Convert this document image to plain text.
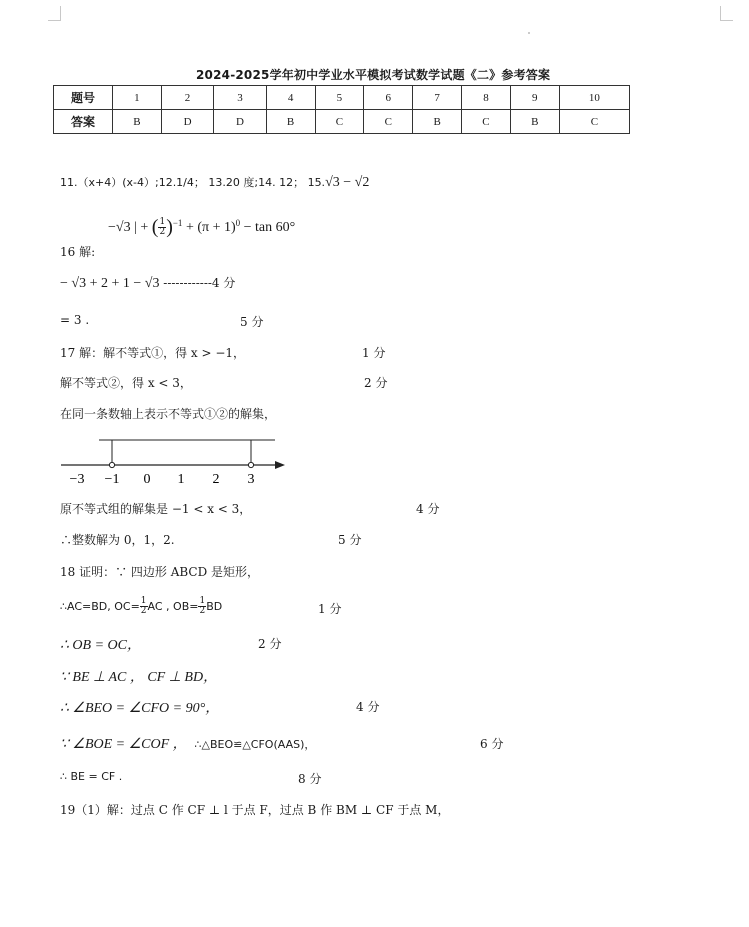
2024-2025学年初中学业水平模拟考试数学试题《二》参考答案
题号	1	2	3	4	5	6	7	8	9	10
答案	B	D	D	B	C	C	B	C	B	C
11.（x+4）(x-4）;12.1/4； 13.20 度;14. 12； 15.√3 − √2
−√3 | + ( $\frac{1}{2} )^{-1} + (\pi + 1)^0 - \tan 60^\circ$
16 解:
− √3 + 2 + 1 − √3 ------------4 分
= 3 .	5 分
17 解：解不等式①，得 x > −1，	1 分
解不等式②，得 x < 3，	2 分
在同一条数轴上表示不等式①②的解集，
−3 −1 0 1 2 3
原不等式组的解集是 −1 < x < 3，	4 分
∴整数解为 0，1，2.	5 分
18 证明：∵ 四边形 ABCD 是矩形，
∴AC=BD, $OC= \frac{1}{2}$ AC , $OB= \frac{1}{2}$ BD	1 分
∴ OB = OC，	2 分
∵ BE ⊥ AC ， CF ⊥ BD，
∴ ∠BEO = ∠CFO = 90°，	4 分
∵ ∠BOE = ∠COF ， ∴△BEO≌△CFO(AAS)，	6 分
∴ BE = CF .	8 分
19（1）解：过点 C 作 CF ⊥ l 于点 F，过点 B 作 BM ⊥ CF 于点 M，
